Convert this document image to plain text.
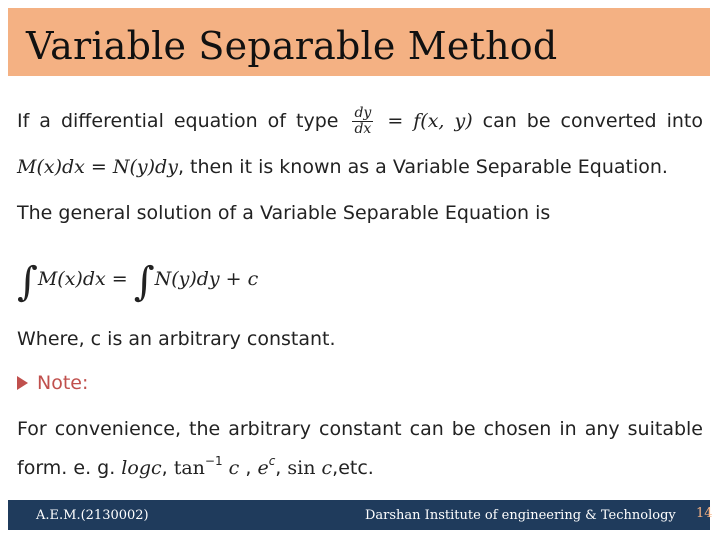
Variable Separable Method
If a differential equation of type $\frac{dy}{dx} = f(x$, y) can be converted into
M(x)dx = N(y)dy, then it is known as a Variable Separable Equation.
The general solution of a Variable Separable Equation is
∫M(x)dx = ∫N(y)dy + c
Where, c is an arbitrary constant.
Note:
For convenience, the arbitrary constant can be chosen in any suitable
form. e. g. logc, $\tan^{-1} c$ , $e^c$, sin c,etc.
A.E.M.(2130002)	Darshan Institute of engineering & Technology 14
